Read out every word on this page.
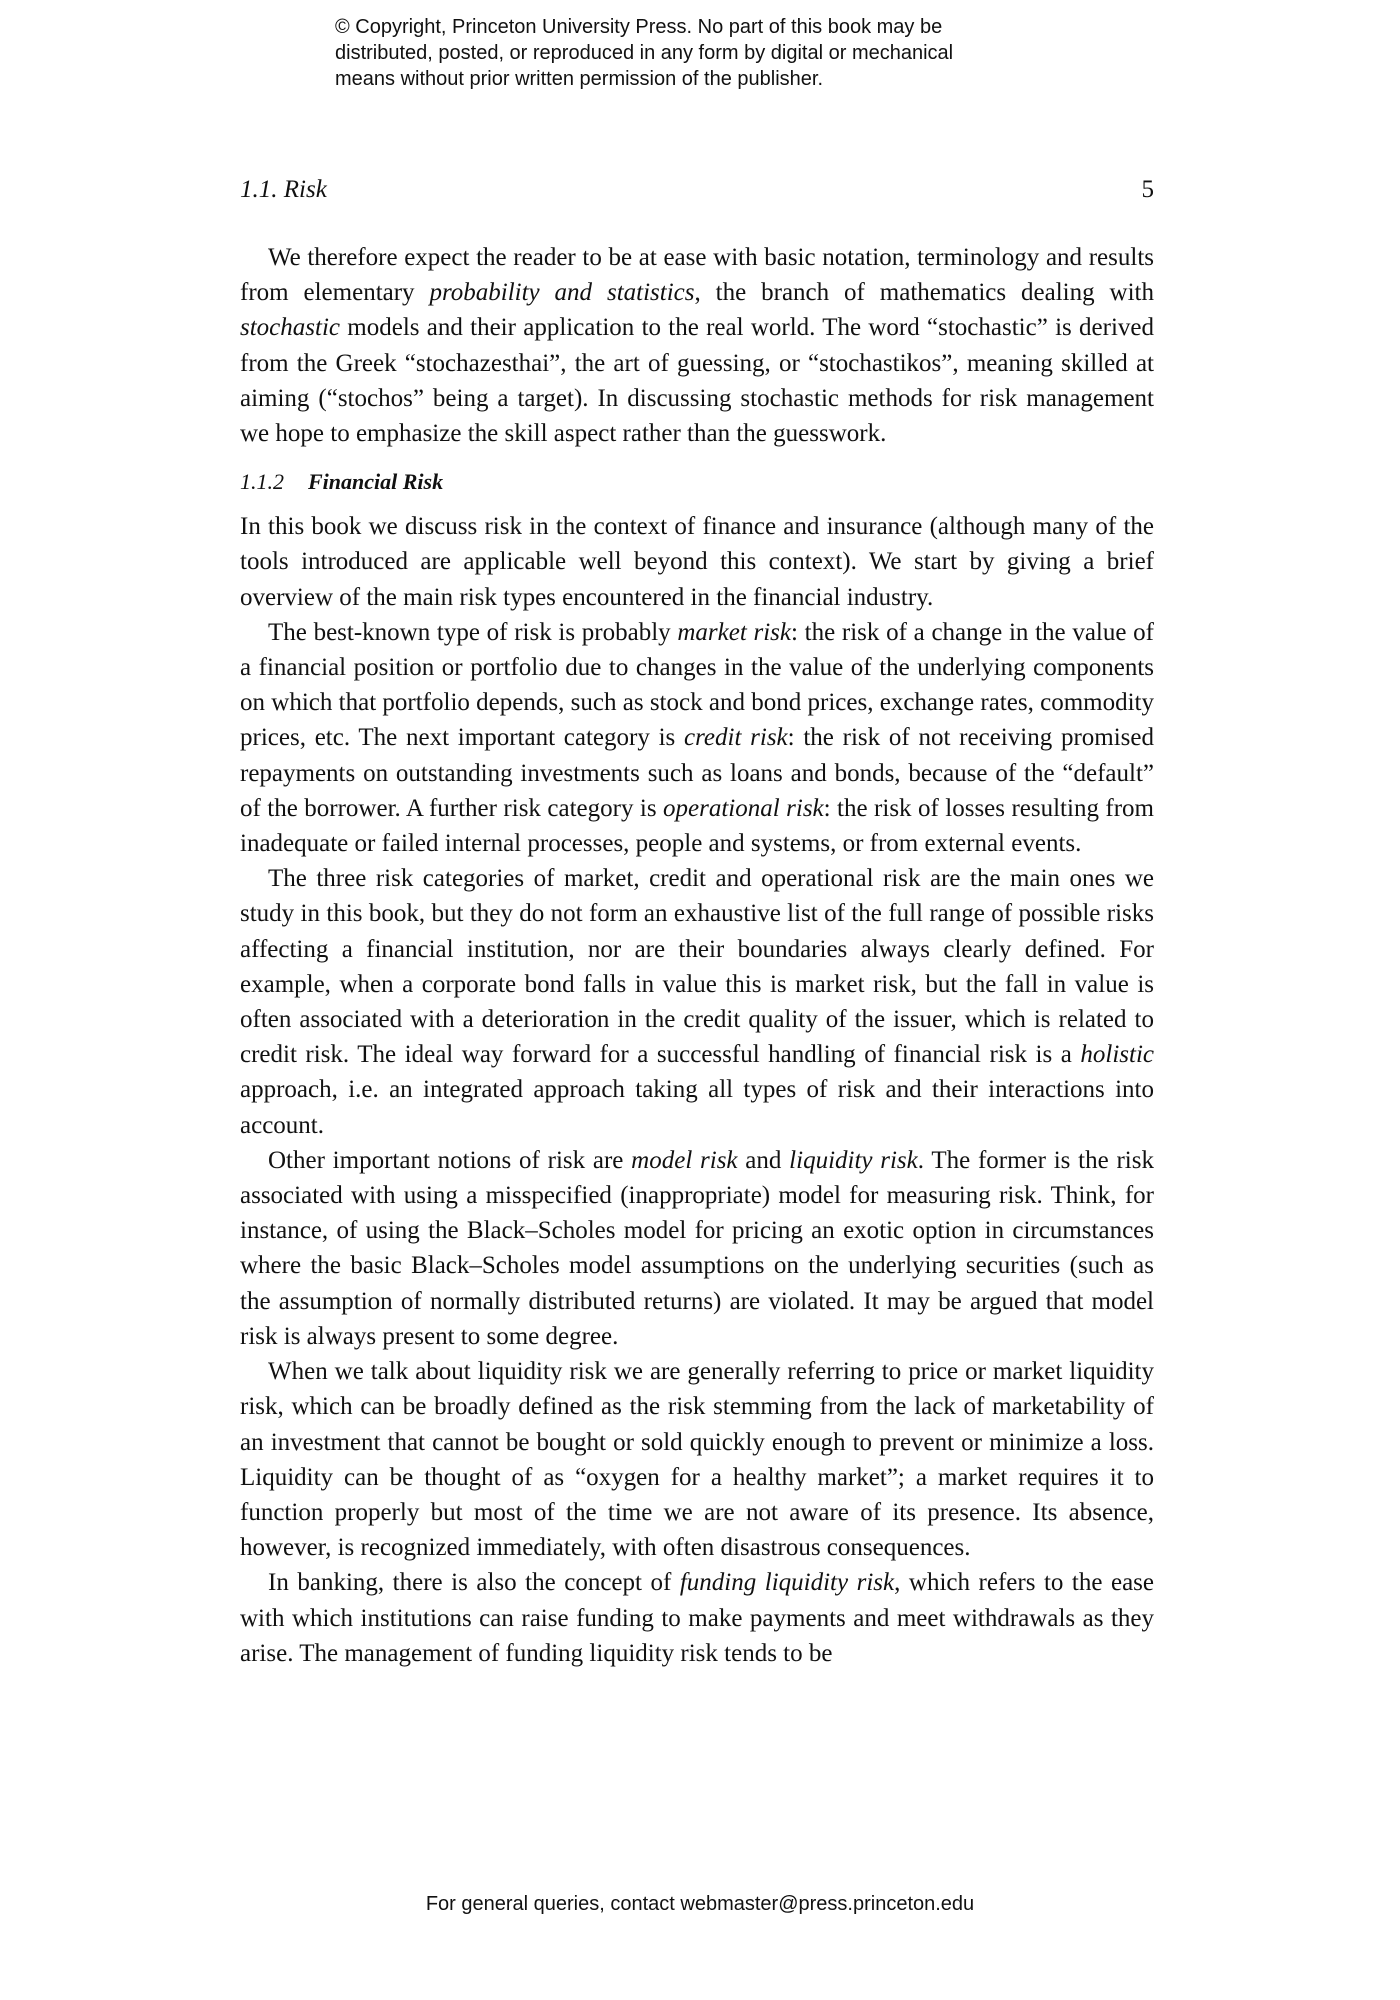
© Copyright, Princeton University Press. No part of this book may be
distributed, posted, or reproduced in any form by digital or mechanical
means without prior written permission of the publisher.
1.1. Risk	5

We therefore expect the reader to be at ease with basic notation, terminology and results from elementary probability and statistics, the branch of mathematics dealing with stochastic models and their application to the real world. The word “stochastic” is derived from the Greek “stochazesthai”, the art of guessing, or “stochastikos”, meaning skilled at aiming (“stochos” being a target). In discussing stochastic methods for risk management we hope to emphasize the skill aspect rather than the guesswork.

1.1.2 Financial Risk

In this book we discuss risk in the context of finance and insurance (although many of the tools introduced are applicable well beyond this context). We start by giving a brief overview of the main risk types encountered in the financial industry.

The best-known type of risk is probably market risk: the risk of a change in the value of a financial position or portfolio due to changes in the value of the underlying components on which that portfolio depends, such as stock and bond prices, exchange rates, commodity prices, etc. The next important category is credit risk: the risk of not receiving promised repayments on outstanding investments such as loans and bonds, because of the “default” of the borrower. A further risk category is operational risk: the risk of losses resulting from inadequate or failed internal processes, people and systems, or from external events.

The three risk categories of market, credit and operational risk are the main ones we study in this book, but they do not form an exhaustive list of the full range of possible risks affecting a financial institution, nor are their boundaries always clearly defined. For example, when a corporate bond falls in value this is market risk, but the fall in value is often associated with a deterioration in the credit quality of the issuer, which is related to credit risk. The ideal way forward for a successful handling of financial risk is a holistic approach, i.e. an integrated approach taking all types of risk and their interactions into account.

Other important notions of risk are model risk and liquidity risk. The former is the risk associated with using a misspecified (inappropriate) model for measuring risk. Think, for instance, of using the Black–Scholes model for pricing an exotic option in circumstances where the basic Black–Scholes model assumptions on the underlying securities (such as the assumption of normally distributed returns) are violated. It may be argued that model risk is always present to some degree.

When we talk about liquidity risk we are generally referring to price or market liquidity risk, which can be broadly defined as the risk stemming from the lack of marketability of an investment that cannot be bought or sold quickly enough to prevent or minimize a loss. Liquidity can be thought of as “oxygen for a healthy market”; a market requires it to function properly but most of the time we are not aware of its presence. Its absence, however, is recognized immediately, with often disastrous consequences.

In banking, there is also the concept of funding liquidity risk, which refers to the ease with which institutions can raise funding to make payments and meet withdrawals as they arise. The management of funding liquidity risk tends to be

For general queries, contact webmaster@press.princeton.edu
